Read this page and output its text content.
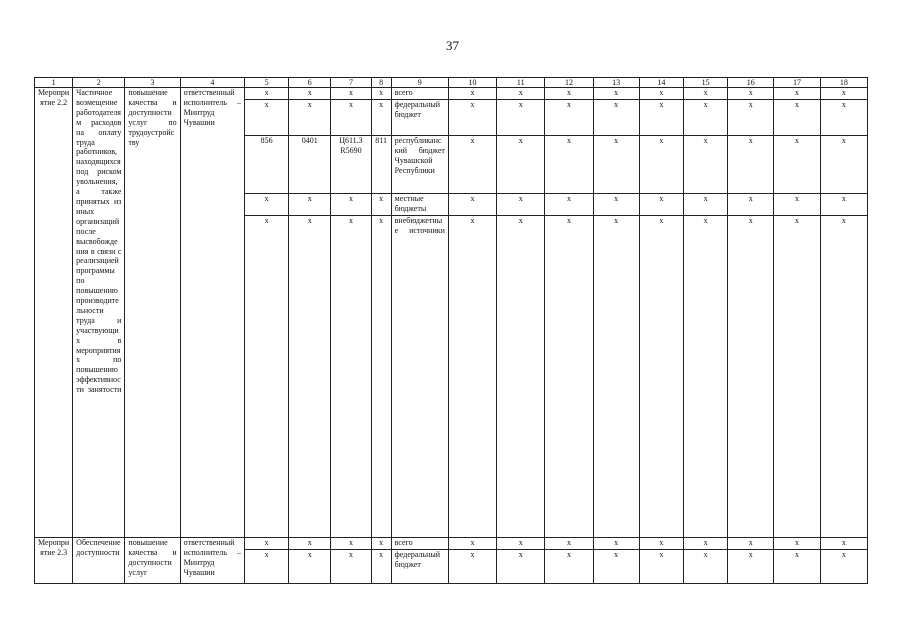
37
1	2	3	4	5	6	7	8	9	10	11	12	13	14	15	16	17	18
Мероприятие 2.2	Частичное возмещение работодателям расходов на оплату труда работников, находящихся под риском увольнения, а также принятых из иных организаций после высвобождения в связи с реализацией программы по повышению производительности труда и участвующих в мероприятиях по повышению эффективности занятости	повышение качества и доступности услуг по трудоустройству	ответственный исполнитель – Минтруд Чувашии	x	x	x	x	всего	x	x	x	x	x	x	x	x	x
				x	x	x	x	федеральный бюджет	x	x	x	x	x	x	x	x	x
				856	0401	Ц611.3 R5690	811	республиканский бюджет Чувашской Республики	x	x	x	x	x	x	x	x	x
				x	x	x	x	местные бюджеты	x	x	x	x	x	x	x	x	x
				x	x	x	x	внебюджетные источники	x	x	x	x	x	x	x	x	x
Мероприятие 2.3	Обеспечение доступности	повышение качества и доступности услуг	ответственный исполнитель – Минтруд Чувашии	x	x	x	x	всего	x	x	x	x	x	x	x	x	x
				x	x	x	x	федеральный бюджет	x	x	x	x	x	x	x	x	x
